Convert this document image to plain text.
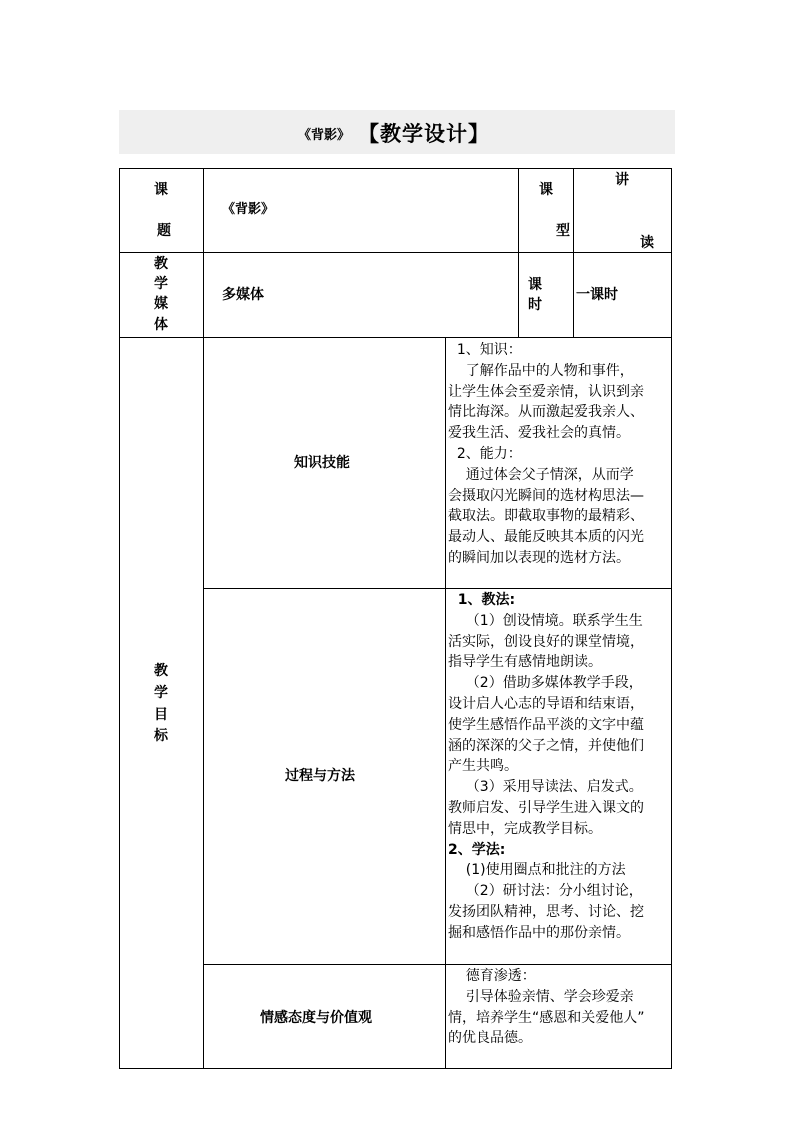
《背影》 【教学设计】
课
题
《背影》
课
型
讲
读
教
学
媒
体
多媒体
课
时
一课时
教
学
目
标
知识技能
1、知识：
了解作品中的人物和事件，
让学生体会至爱亲情，认识到亲
情比海深。从而激起爱我亲人、
爱我生活、爱我社会的真情。
2、能力：
通过体会父子情深，从而学
会摄取闪光瞬间的选材构思法—
截取法。即截取事物的最精彩、
最动人、最能反映其本质的闪光
的瞬间加以表现的选材方法。
过程与方法
1、教法:
（1）创设情境。联系学生生
活实际，创设良好的课堂情境，
指导学生有感情地朗读。
（2）借助多媒体教学手段，
设计启人心志的导语和结束语，
使学生感悟作品平淡的文字中蕴
涵的深深的父子之情，并使他们
产生共鸣。
（3）采用导读法、启发式。
教师启发、引导学生进入课文的
情思中，完成教学目标。
2、学法:
(1)使用圈点和批注的方法
（2）研讨法：分小组讨论，
发扬团队精神，思考、讨论、挖
掘和感悟作品中的那份亲情。
情感态度与价值观
德育渗透：
引导体验亲情、学会珍爱亲
情，培养学生“感恩和关爱他人”
的优良品德。
